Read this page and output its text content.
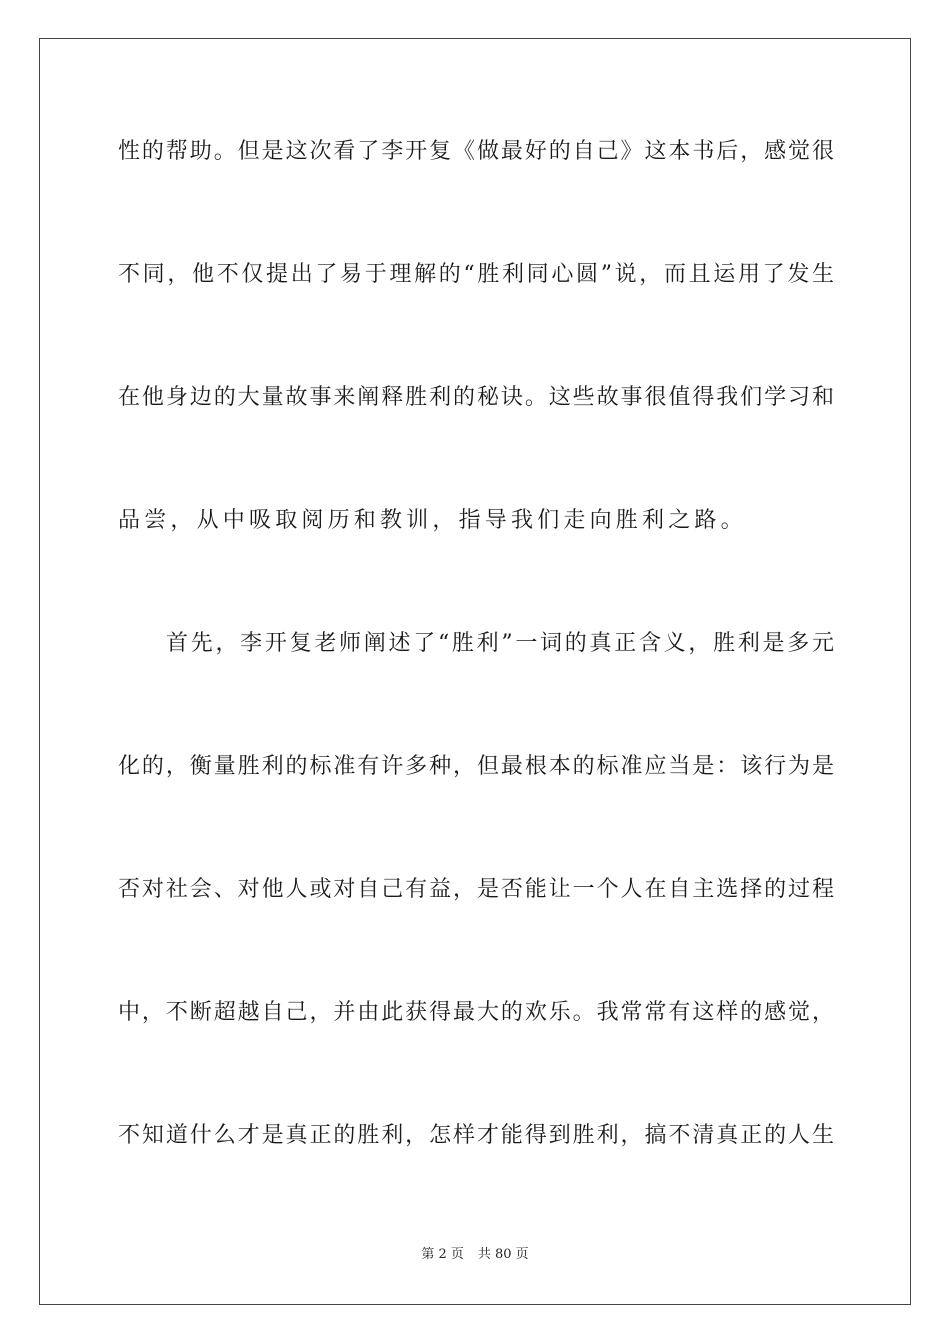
性的帮助。但是这次看了李开复《做最好的自己》这本书后，感觉很
不同，他不仅提出了易于理解的“胜利同心圆”说，而且运用了发生
在他身边的大量故事来阐释胜利的秘诀。这些故事很值得我们学习和
品尝，从中吸取阅历和教训，指导我们走向胜利之路。
首先，李开复老师阐述了“胜利”一词的真正含义，胜利是多元
化的，衡量胜利的标准有许多种，但最根本的标准应当是：该行为是
否对社会、对他人或对自己有益，是否能让一个人在自主选择的过程
中，不断超越自己，并由此获得最大的欢乐。我常常有这样的感觉，
不知道什么才是真正的胜利，怎样才能得到胜利，搞不清真正的人生
第 2 页 共 80 页
